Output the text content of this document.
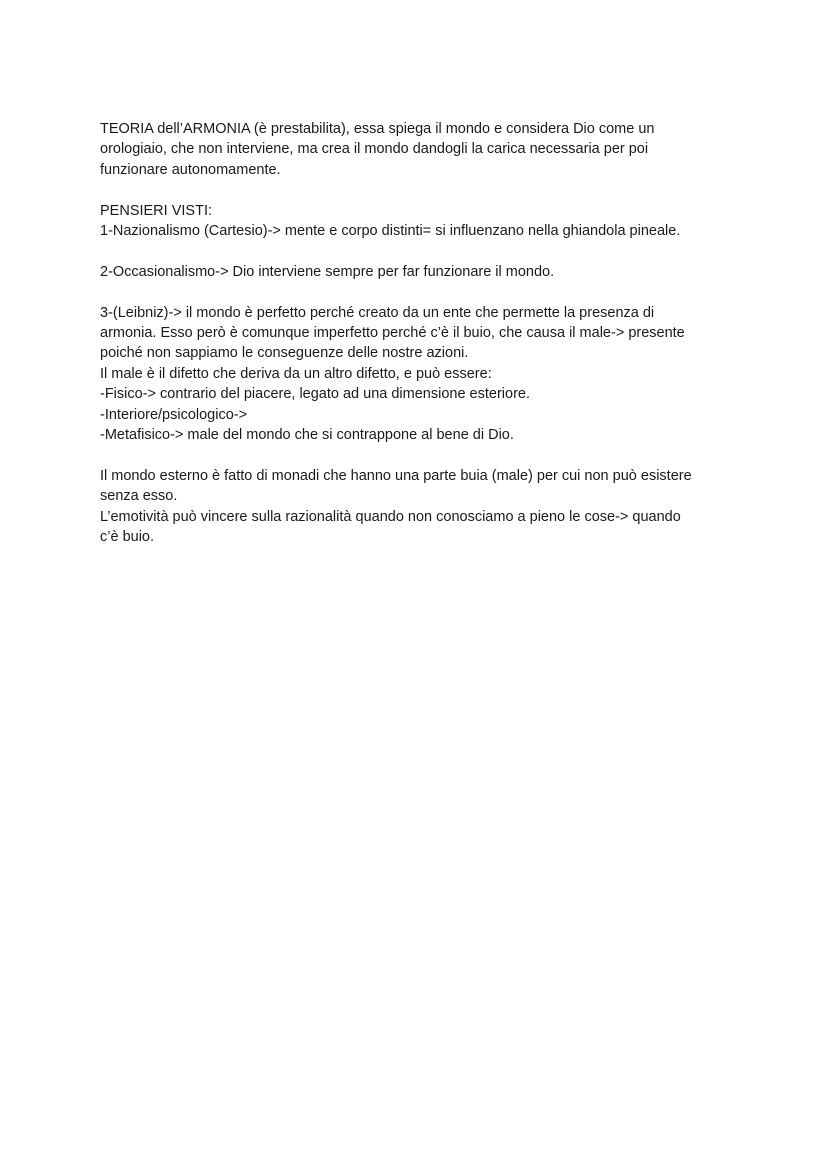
TEORIA dell’ARMONIA (è prestabilita), essa spiega il mondo e considera Dio come un
orologiaio, che non interviene, ma crea il mondo dandogli la carica necessaria per poi
funzionare autonomamente.
PENSIERI VISTI:
1-Nazionalismo (Cartesio)-> mente e corpo distinti= si influenzano nella ghiandola pineale.
2-Occasionalismo-> Dio interviene sempre per far funzionare il mondo.
3-(Leibniz)-> il mondo è perfetto perché creato da un ente che permette la presenza di
armonia. Esso però è comunque imperfetto perché c’è il buio, che causa il male-> presente
poiché non sappiamo le conseguenze delle nostre azioni.
Il male è il difetto che deriva da un altro difetto, e può essere:
-Fisico-> contrario del piacere, legato ad una dimensione esteriore.
-Interiore/psicologico->
-Metafisico-> male del mondo che si contrappone al bene di Dio.
Il mondo esterno è fatto di monadi che hanno una parte buia (male) per cui non può esistere
senza esso.
L’emotività può vincere sulla razionalità quando non conosciamo a pieno le cose-> quando
c’è buio.
